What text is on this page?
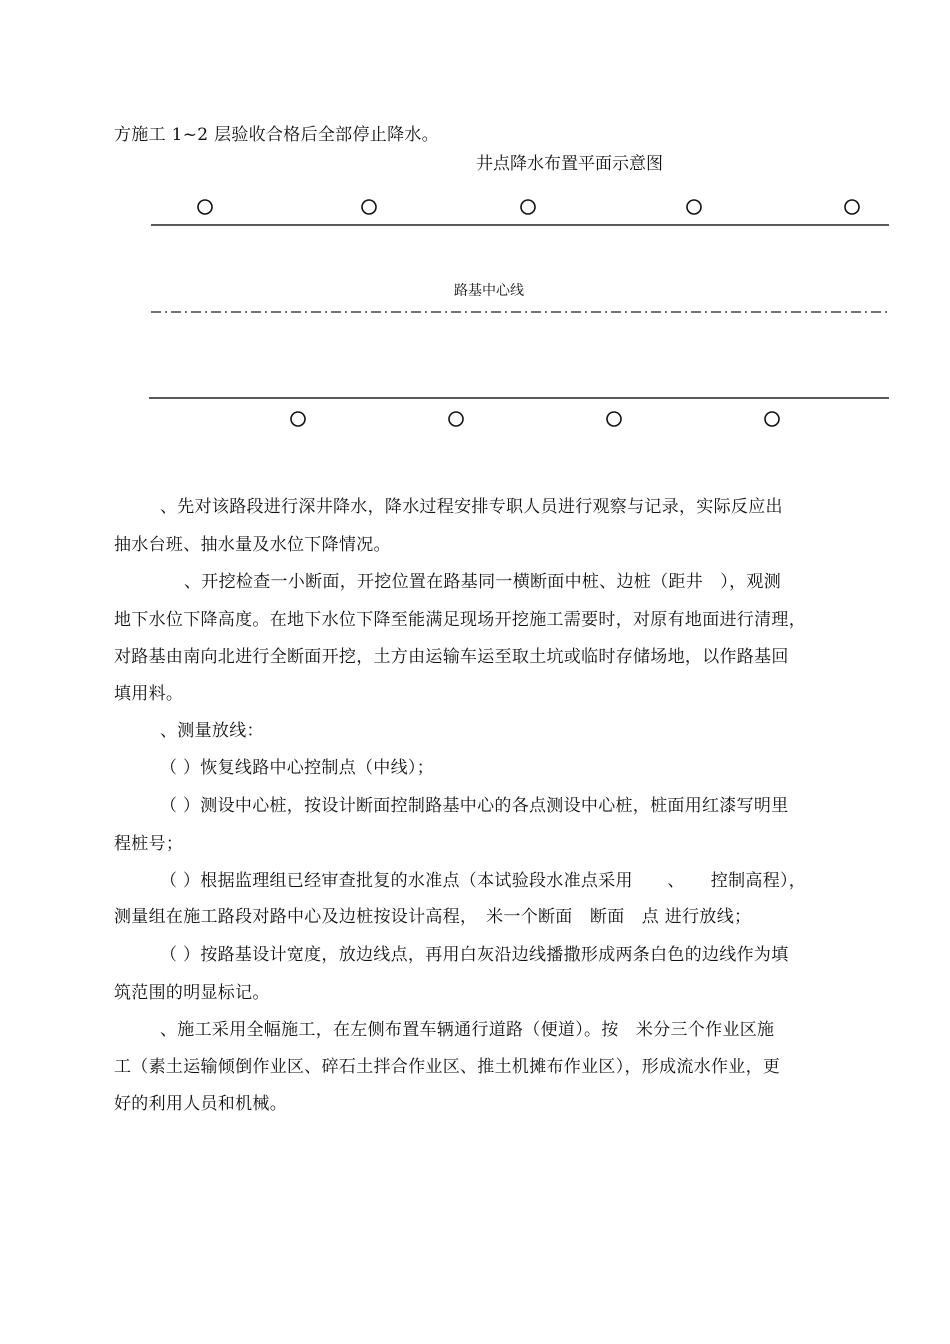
方施工 1~2 层验收合格后全部停止降水。
井点降水布置平面示意图
路基中心线
、先对该路段进行深井降水，降水过程安排专职人员进行观察与记录，实际反应出
抽水台班、抽水量及水位下降情况。
、开挖检查一小断面，开挖位置在路基同一横断面中桩、边桩（距井　），观测
地下水位下降高度。在地下水位下降至能满足现场开挖施工需要时，对原有地面进行清理，
对路基由南向北进行全断面开挖，土方由运输车运至取土坑或临时存储场地，以作路基回
填用料。
、测量放线：
（ ）恢复线路中心控制点（中线）；
（ ）测设中心桩，按设计断面控制路基中心的各点测设中心桩，桩面用红漆写明里
程桩号；
（ ）根据监理组已经审查批复的水准点（本试验段水准点采用　　、　　控制高程），
测量组在施工路段对路中心及边桩按设计高程，　米一个断面　断面　点 进行放线；
（ ）按路基设计宽度，放边线点，再用白灰沿边线播撒形成两条白色的边线作为填
筑范围的明显标记。
、施工采用全幅施工，在左侧布置车辆通行道路（便道）。按　米分三个作业区施
工（素土运输倾倒作业区、碎石土拌合作业区、推土机摊布作业区），形成流水作业，更
好的利用人员和机械。
